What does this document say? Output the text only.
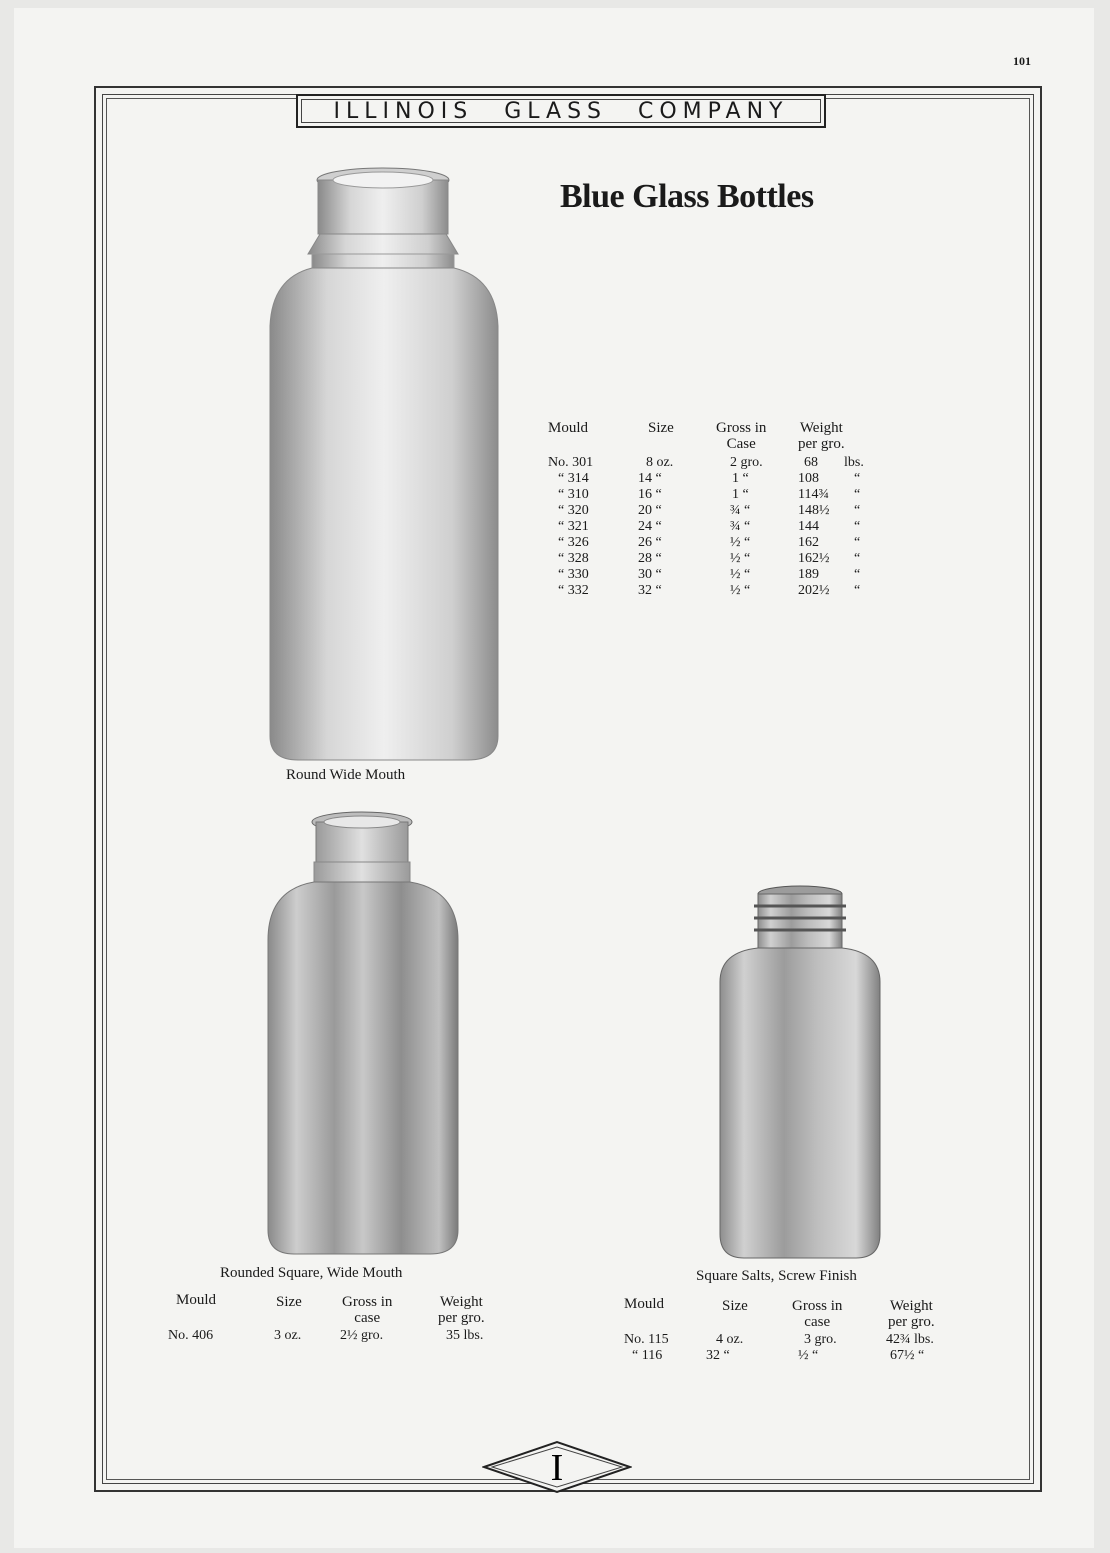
101
ILLINOIS GLASS COMPANY
Blue Glass Bottles
Round Wide Mouth
Mould	Size	Gross in
Case
Weight
per gro.
No. 301	8 oz.	2 gro.	68 lbs.
“ 314	14 “	1 “	108	“
“ 310	16 “	1 “	114¾ “
“ 320	20 “	¾ “	148½ “
“ 321	24 “	¾ “	144	“
“ 326	26 “	½ “	162	“
“ 328	28 “	½ “	162½ “
“ 330	30 “	½ “	189	“
“ 332	32 “	½ “	202½ “
Rounded Square, Wide Mouth
Mould	Size	Gross in
case
Weight
per gro.
No. 406	3 oz.	2½ gro.	35 lbs.
Square Salts, Screw Finish
Mould	Size	Gross in
case
Weight
per gro.
No. 115	4 oz.	3 gro.	42¾ lbs.
“ 116	32 “	½ “	67½ “
I
